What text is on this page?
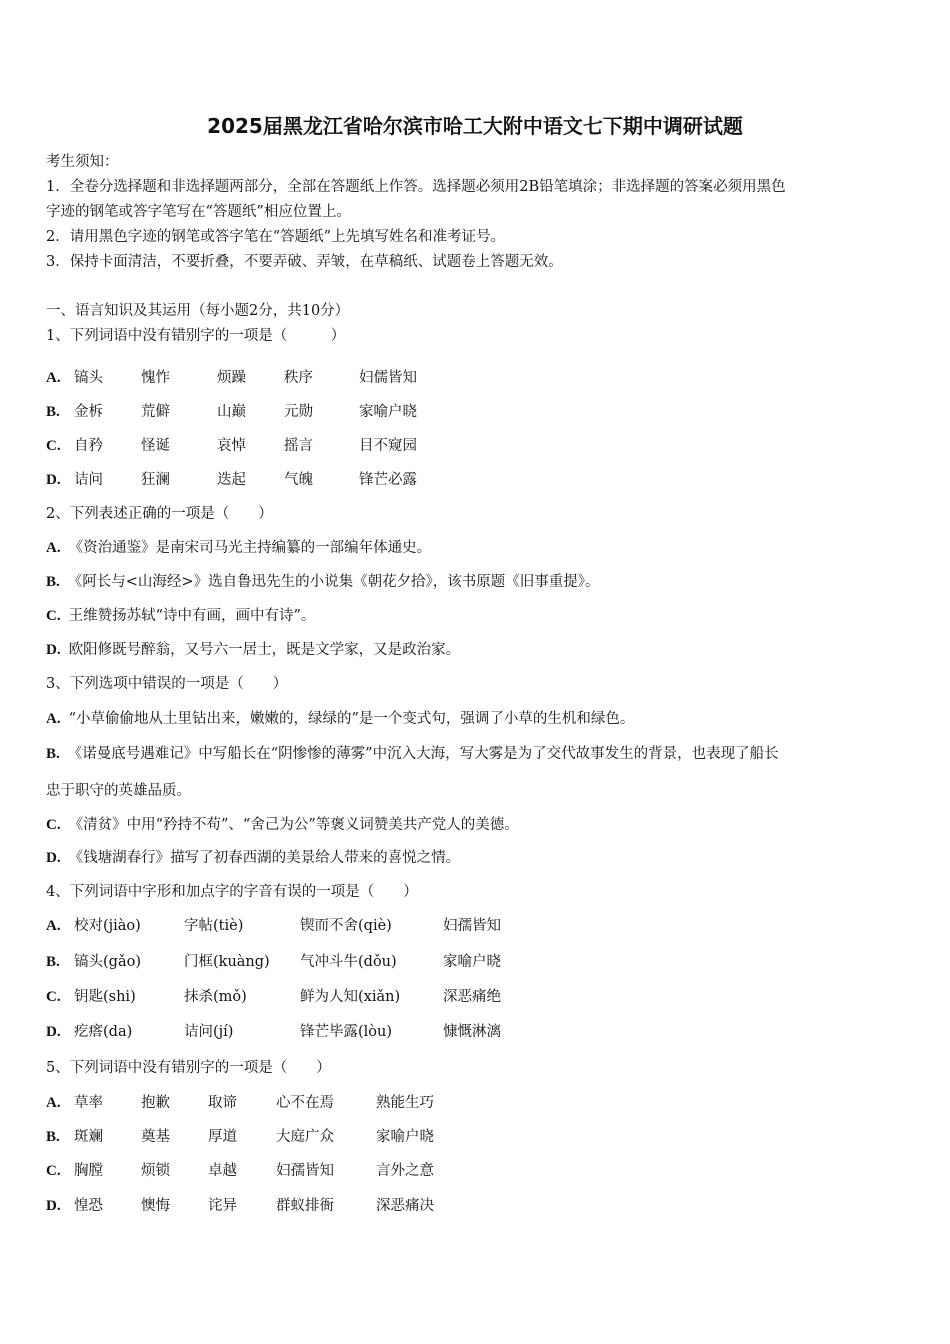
2025届黑龙江省哈尔滨市哈工大附中语文七下期中调研试题
考生须知：
1．全卷分选择题和非选择题两部分，全部在答题纸上作答。选择题必须用2B铅笔填涂；非选择题的答案必须用黑色
字迹的钢笔或答字笔写在“答题纸”相应位置上。
2．请用黑色字迹的钢笔或答字笔在“答题纸”上先填写姓名和准考证号。
3．保持卡面清洁，不要折叠，不要弄破、弄皱，在草稿纸、试题卷上答题无效。
一、语言知识及其运用（每小题2分，共10分）
1、下列词语中没有错别字的一项是（　　　）
A. 镐头	愧怍	烦躁	秩序	妇儒皆知
B. 金柝	荒僻	山巅	元勋	家喻户晓
C. 自矜	怪诞	哀悼	摇言	目不窥园
D. 诘问	狂澜	迭起	气魄	锋芒必露
2、下列表述正确的一项是（　　）
A. 《资治通鉴》是南宋司马光主持编纂的一部编年体通史。
B. 《阿长与<山海经>》选自鲁迅先生的小说集《朝花夕拾》，该书原题《旧事重提》。
C. 王维赞扬苏轼“诗中有画，画中有诗”。
D. 欧阳修既号醉翁，又号六一居士，既是文学家，又是政治家。
3、下列选项中错误的一项是（　　）
A. “小草偷偷地从土里钻出来，嫩嫩的，绿绿的”是一个变式句，强调了小草的生机和绿色。
B. 《诺曼底号遇难记》中写船长在“阴惨惨的薄雾”中沉入大海，写大雾是为了交代故事发生的背景，也表现了船长
忠于职守的英雄品质。
C. 《清贫》中用“矜持不苟”、“舍己为公”等褒义词赞美共产党人的美德。
D. 《钱塘湖春行》描写了初春西湖的美景给人带来的喜悦之情。
4、下列词语中字形和加点字的字音有误的一项是（　　）
A. 校对(jiào)	字帖(tiè)	锲而不舍(qiè)	妇孺皆知
B. 镐头(gǎo)	门框(kuàng) 气冲斗牛(dǒu)	家喻户晓
C. 钥匙(shi)	抹杀(mǒ)	鲜为人知(xiǎn)	深恶痛绝
D. 疙瘩(da)	诘问(jí)	锋芒毕露(lòu)	慷慨淋漓
5、下列词语中没有错别字的一项是（　　）
A. 草率	抱歉	取谛	心不在焉	熟能生巧
B. 斑斓	奠基	厚道	大庭广众	家喻户晓
C. 胸膛	烦锁	卓越	妇孺皆知	言外之意
D. 惶恐	懊悔	诧异	群蚁排衙	深恶痛决
